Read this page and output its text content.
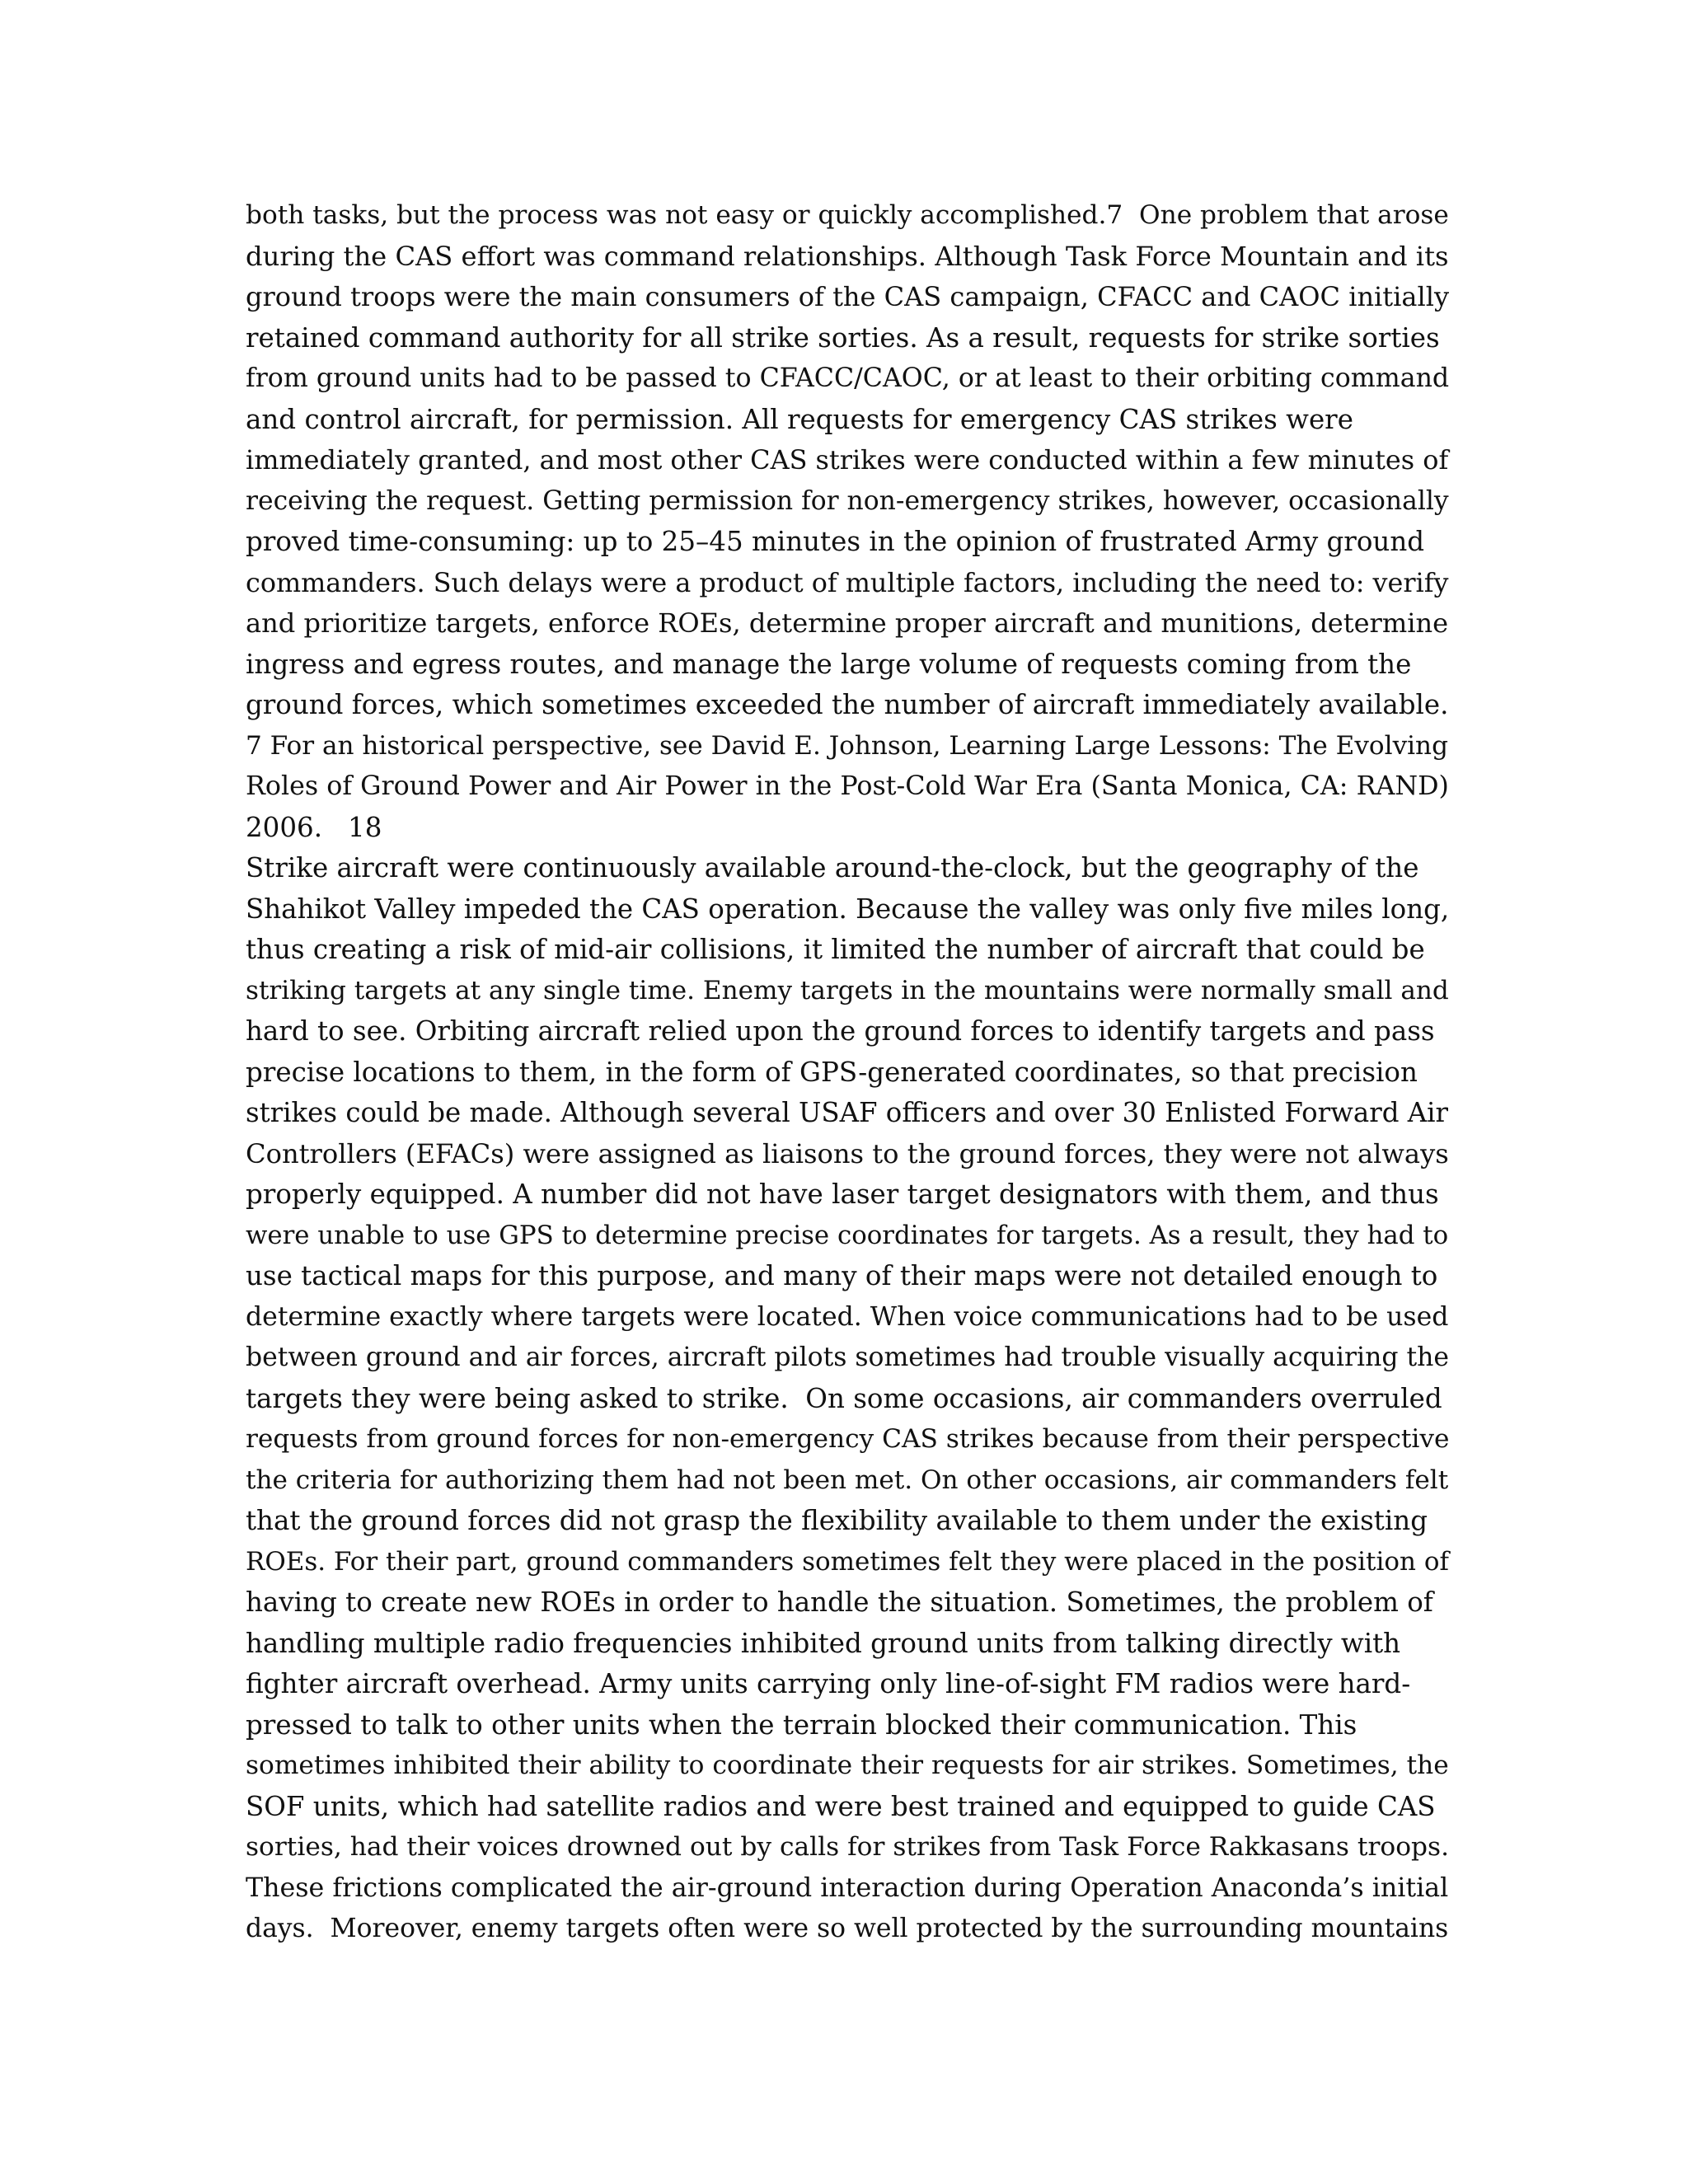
both tasks, but the process was not easy or quickly accomplished.7  One problem that arose
during the CAS effort was command relationships. Although Task Force Mountain and its
ground troops were the main consumers of the CAS campaign, CFACC and CAOC initially
retained command authority for all strike sorties. As a result, requests for strike sorties
from ground units had to be passed to CFACC/CAOC, or at least to their orbiting command
and control aircraft, for permission. All requests for emergency CAS strikes were
immediately granted, and most other CAS strikes were conducted within a few minutes of
receiving the request. Getting permission for non-emergency strikes, however, occasionally
proved time-consuming: up to 25–45 minutes in the opinion of frustrated Army ground
commanders. Such delays were a product of multiple factors, including the need to: verify
and prioritize targets, enforce ROEs, determine proper aircraft and munitions, determine
ingress and egress routes, and manage the large volume of requests coming from the
ground forces, which sometimes exceeded the number of aircraft immediately available.
7 For an historical perspective, see David E. Johnson, Learning Large Lessons: The Evolving
Roles of Ground Power and Air Power in the Post-Cold War Era (Santa Monica, CA: RAND)
2006.   18
Strike aircraft were continuously available around-the-clock, but the geography of the
Shahikot Valley impeded the CAS operation. Because the valley was only five miles long,
thus creating a risk of mid-air collisions, it limited the number of aircraft that could be
striking targets at any single time. Enemy targets in the mountains were normally small and
hard to see. Orbiting aircraft relied upon the ground forces to identify targets and pass
precise locations to them, in the form of GPS-generated coordinates, so that precision
strikes could be made. Although several USAF officers and over 30 Enlisted Forward Air
Controllers (EFACs) were assigned as liaisons to the ground forces, they were not always
properly equipped. A number did not have laser target designators with them, and thus
were unable to use GPS to determine precise coordinates for targets. As a result, they had to
use tactical maps for this purpose, and many of their maps were not detailed enough to
determine exactly where targets were located. When voice communications had to be used
between ground and air forces, aircraft pilots sometimes had trouble visually acquiring the
targets they were being asked to strike.  On some occasions, air commanders overruled
requests from ground forces for non-emergency CAS strikes because from their perspective
the criteria for authorizing them had not been met. On other occasions, air commanders felt
that the ground forces did not grasp the flexibility available to them under the existing
ROEs. For their part, ground commanders sometimes felt they were placed in the position of
having to create new ROEs in order to handle the situation. Sometimes, the problem of
handling multiple radio frequencies inhibited ground units from talking directly with
fighter aircraft overhead. Army units carrying only line-of-sight FM radios were hard-
pressed to talk to other units when the terrain blocked their communication. This
sometimes inhibited their ability to coordinate their requests for air strikes. Sometimes, the
SOF units, which had satellite radios and were best trained and equipped to guide CAS
sorties, had their voices drowned out by calls for strikes from Task Force Rakkasans troops.
These frictions complicated the air-ground interaction during Operation Anaconda’s initial
days.  Moreover, enemy targets often were so well protected by the surrounding mountains
